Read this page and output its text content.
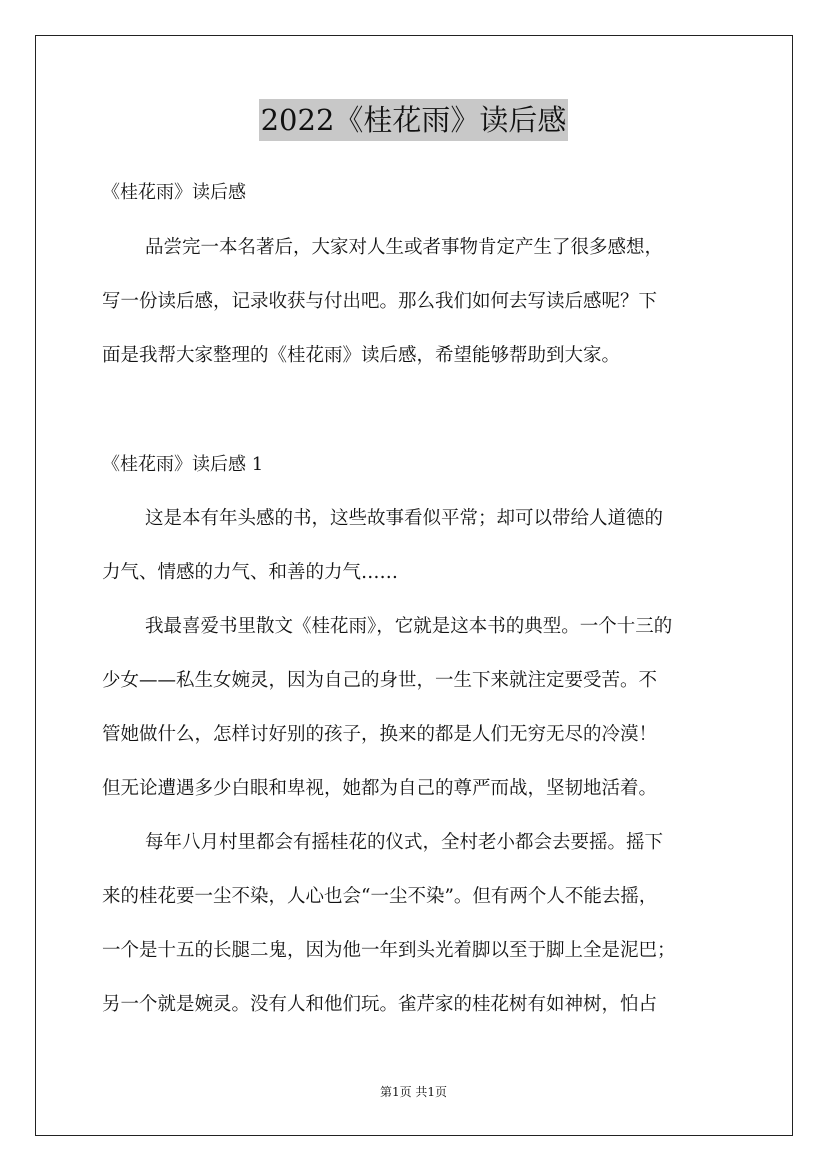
2022《桂花雨》读后感
《桂花雨》读后感
品尝完一本名著后，大家对人生或者事物肯定产生了很多感想，
写一份读后感，记录收获与付出吧。那么我们如何去写读后感呢？下
面是我帮大家整理的《桂花雨》读后感，希望能够帮助到大家。
《桂花雨》读后感 1
这是本有年头感的书，这些故事看似平常；却可以带给人道德的
力气、情感的力气、和善的力气……
我最喜爱书里散文《桂花雨》，它就是这本书的典型。一个十三的
少女——私生女婉灵，因为自己的身世，一生下来就注定要受苦。不
管她做什么，怎样讨好别的孩子，换来的都是人们无穷无尽的冷漠！
但无论遭遇多少白眼和卑视，她都为自己的尊严而战，坚韧地活着。
每年八月村里都会有摇桂花的仪式，全村老小都会去要摇。摇下
来的桂花要一尘不染，人心也会“一尘不染”。但有两个人不能去摇，
一个是十五的长腿二鬼，因为他一年到头光着脚以至于脚上全是泥巴；
另一个就是婉灵。没有人和他们玩。雀芹家的桂花树有如神树，怕占
第1页 共1页
